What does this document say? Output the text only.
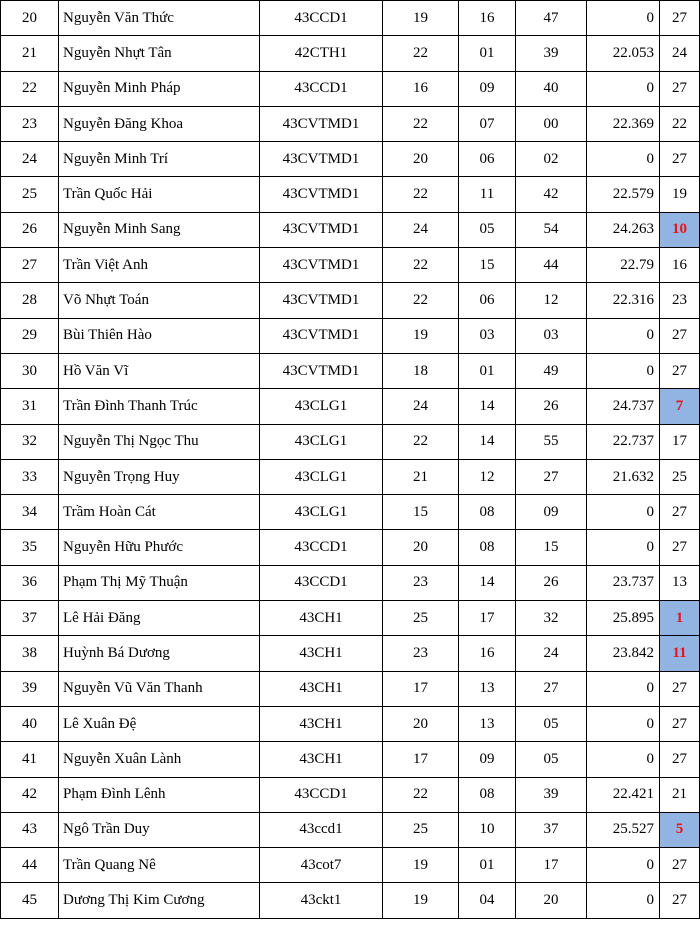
20	Nguyễn Văn Thức	43CCD1	19	16	47	0	27
21	Nguyễn Nhựt Tân	42CTH1	22	01	39	22.053	24
22	Nguyễn Minh Pháp	43CCD1	16	09	40	0	27
23	Nguyễn Đăng Khoa	43CVTMD1	22	07	00	22.369	22
24	Nguyễn Minh Trí	43CVTMD1	20	06	02	0	27
25	Trần Quốc Hải	43CVTMD1	22	11	42	22.579	19
26	Nguyễn Minh Sang	43CVTMD1	24	05	54	24.263	10
27	Trần Việt Anh	43CVTMD1	22	15	44	22.79	16
28	Võ Nhựt Toán	43CVTMD1	22	06	12	22.316	23
29	Bùi Thiên Hào	43CVTMD1	19	03	03	0	27
30	Hồ Văn Vĩ	43CVTMD1	18	01	49	0	27
31	Trần Đình Thanh Trúc	43CLG1	24	14	26	24.737	7
32	Nguyễn Thị Ngọc Thu	43CLG1	22	14	55	22.737	17
33	Nguyễn Trọng Huy	43CLG1	21	12	27	21.632	25
34	Trầm Hoàn Cát	43CLG1	15	08	09	0	27
35	Nguyễn Hữu Phước	43CCD1	20	08	15	0	27
36	Phạm Thị Mỹ Thuận	43CCD1	23	14	26	23.737	13
37	Lê Hải Đăng	43CH1	25	17	32	25.895	1
38	Huỳnh Bá Dương	43CH1	23	16	24	23.842	11
39	Nguyễn Vũ Văn Thanh	43CH1	17	13	27	0	27
40	Lê Xuân Đệ	43CH1	20	13	05	0	27
41	Nguyễn Xuân Lành	43CH1	17	09	05	0	27
42	Phạm Đình Lênh	43CCD1	22	08	39	22.421	21
43	Ngô Trần Duy	43ccd1	25	10	37	25.527	5
44	Trần Quang Nê	43cot7	19	01	17	0	27
45	Dương Thị Kim Cương	43ckt1	19	04	20	0	27
